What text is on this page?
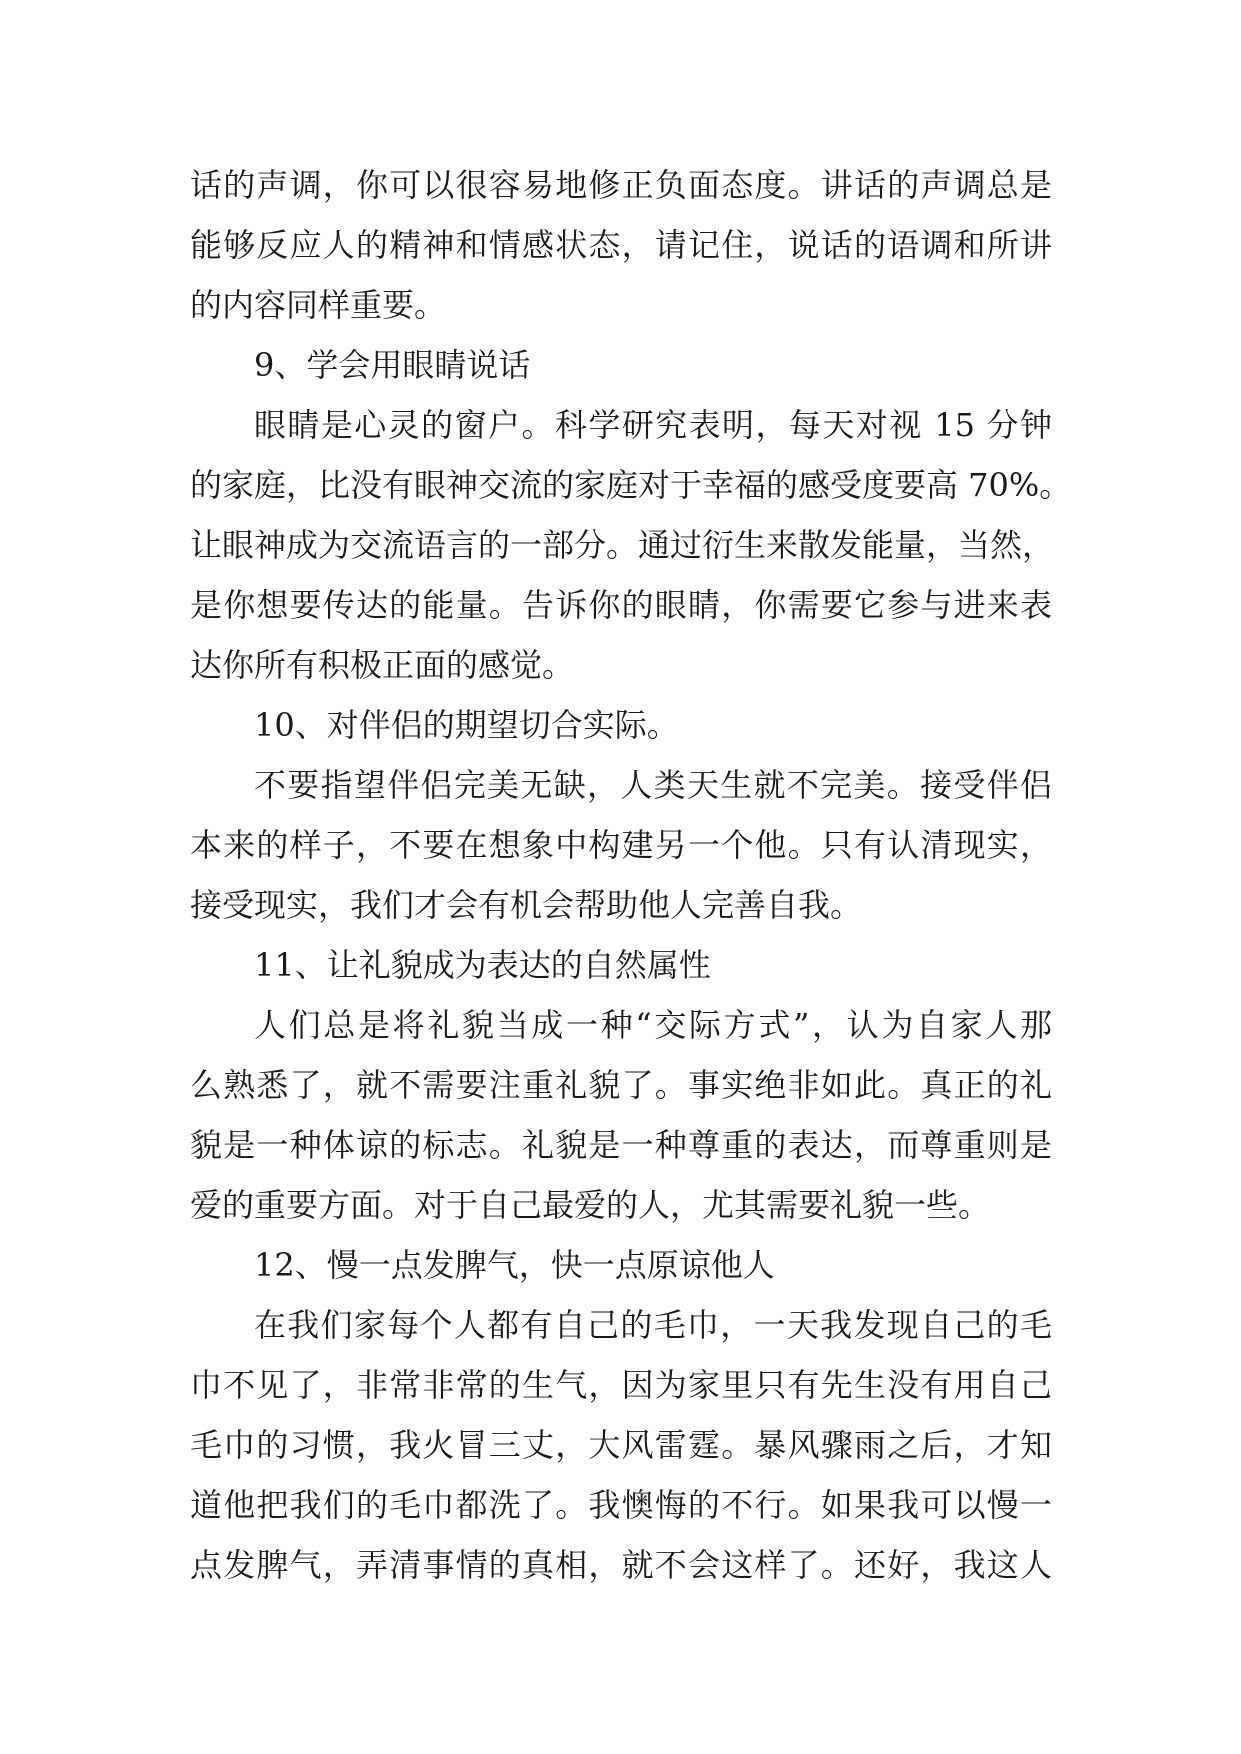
话的声调，你可以很容易地修正负面态度。讲话的声调总是
能够反应人的精神和情感状态，请记住，说话的语调和所讲
的内容同样重要。
9、学会用眼睛说话
眼睛是心灵的窗户。科学研究表明，每天对视 15 分钟
的家庭，比没有眼神交流的家庭对于幸福的感受度要高 70%。
让眼神成为交流语言的一部分。通过衍生来散发能量，当然，
是你想要传达的能量。告诉你的眼睛，你需要它参与进来表
达你所有积极正面的感觉。
10、对伴侣的期望切合实际。
不要指望伴侣完美无缺，人类天生就不完美。接受伴侣
本来的样子，不要在想象中构建另一个他。只有认清现实，
接受现实，我们才会有机会帮助他人完善自我。
11、让礼貌成为表达的自然属性
人们总是将礼貌当成一种“交际方式”，认为自家人那
么熟悉了，就不需要注重礼貌了。事实绝非如此。真正的礼
貌是一种体谅的标志。礼貌是一种尊重的表达，而尊重则是
爱的重要方面。对于自己最爱的人，尤其需要礼貌一些。
12、慢一点发脾气，快一点原谅他人
在我们家每个人都有自己的毛巾，一天我发现自己的毛
巾不见了，非常非常的生气，因为家里只有先生没有用自己
毛巾的习惯，我火冒三丈，大风雷霆。暴风骤雨之后，才知
道他把我们的毛巾都洗了。我懊悔的不行。如果我可以慢一
点发脾气，弄清事情的真相，就不会这样了。还好，我这人
